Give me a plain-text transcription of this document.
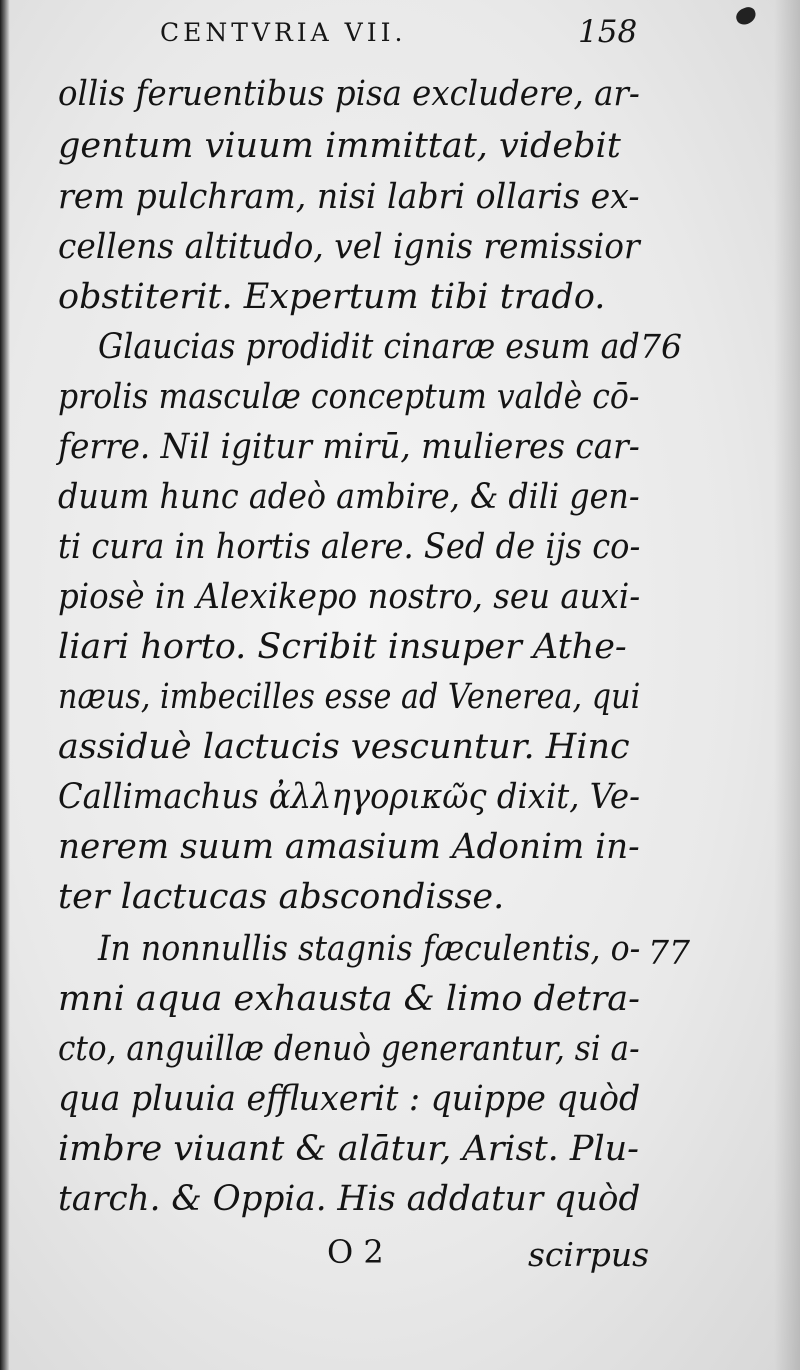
CENTVRIA VII.	158
ollis feruentibus pisa excludere, ar-
gentum viuum immittat, videbit
rem pulchram, nisi labri ollaris ex-
cellens altitudo, vel ignis remissior
obstiterit. Expertum tibi trado.
Glaucias prodidit cinaræ esum ad 76
prolis masculæ conceptum valdè cō-
ferre. Nil igitur mirū, mulieres car-
duum hunc adeò ambire, & dili gen-
ti cura in hortis alere. Sed de ijs co-
piosè in Alexikepo nostro, seu auxi-
liari horto. Scribit insuper Athe-
næus, imbecilles esse ad Venerea, qui
assiduè lactucis vescuntur. Hinc
Callimachus ἀλληγορικῶς dixit, Ve-
nerem suum amasium Adonim in-
ter lactucas abscondisse.
In nonnullis stagnis fæculentis, o- 77
mni aqua exhausta & limo detra-
cto, anguillæ denuò generantur, si a-
qua pluuia effluxerit : quippe quòd
imbre viuant & alātur, Arist. Plu-
tarch. & Oppia. His addatur quòd
O 2	scirpus
